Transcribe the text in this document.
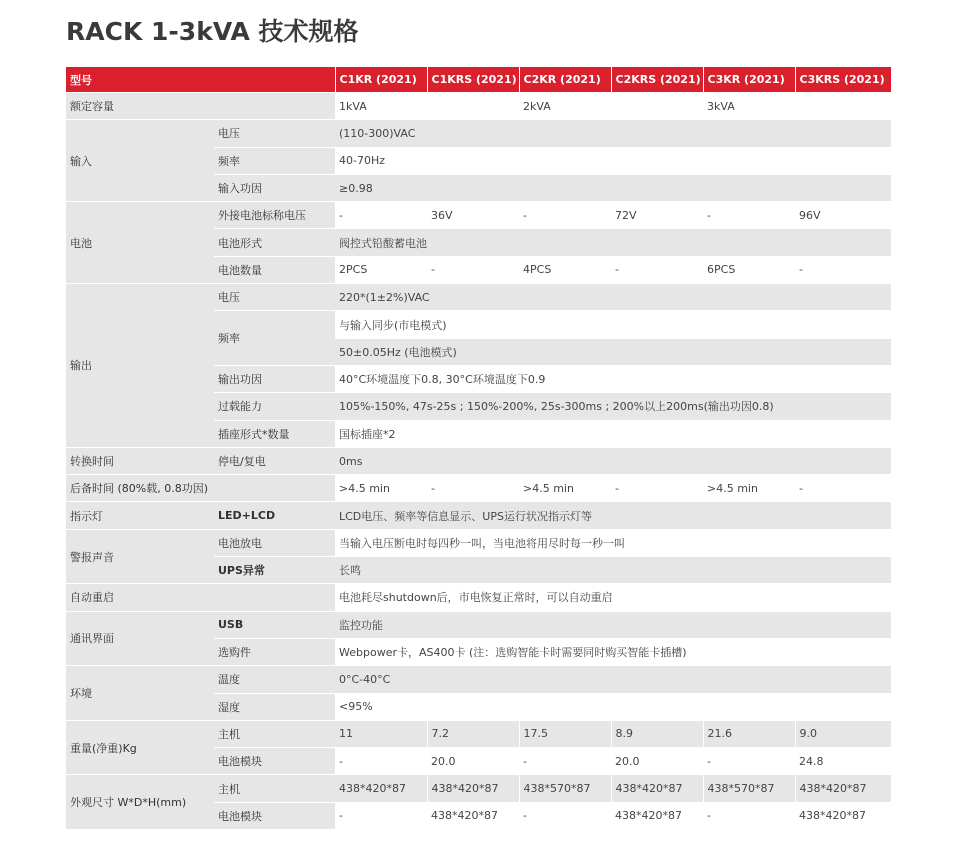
RACK 1-3kVA 技术规格
型号		C1KR (2021)	C1KRS (2021)	C2KR (2021)	C2KRS (2021)	C3KR (2021)	C3KRS (2021)
额定容量		1kVA		2kVA		3kVA	
输入	电压	(110-300)VAC					
	频率	40-70Hz					
	输入功因	≥0.98					
电池	外接电池标称电压	-	36V	-	72V	-	96V
	电池形式	阀控式铅酸蓄电池					
	电池数量	2PCS	-	4PCS	-	6PCS	-
输出	电压	220*(1±2%)VAC					
	频率	与输入同步(市电模式)					
		50±0.05Hz (电池模式)					
	输出功因	40°C环境温度下0.8, 30°C环境温度下0.9					
	过载能力	105%-150%, 47s-25s ; 150%-200%, 25s-300ms ; 200%以上200ms(输出功因0.8)					
	插座形式*数量	国标插座*2					
转换时间	停电/复电	0ms					
后备时间 (80%载, 0.8功因)		>4.5 min	-	>4.5 min	-	>4.5 min	-
指示灯	LED+LCD	LCD电压、频率等信息显示、UPS运行状况指示灯等					
警报声音	电池放电	当输入电压断电时每四秒一叫，当电池将用尽时每一秒一叫					
	UPS异常	长鸣					
自动重启		电池耗尽shutdown后，市电恢复正常时，可以自动重启					
通讯界面	USB	监控功能					
	选购件	Webpower卡，AS400卡 (注：选购智能卡时需要同时购买智能卡插槽)					
环境	温度	0°C-40°C					
	湿度	<95%					
重量(净重)Kg	主机	11	7.2	17.5	8.9	21.6	9.0
	电池模块	-	20.0	-	20.0	-	24.8
外观尺寸 W*D*H(mm)	主机	438*420*87	438*420*87	438*570*87	438*420*87	438*570*87	438*420*87
	电池模块	-	438*420*87	-	438*420*87	-	438*420*87
